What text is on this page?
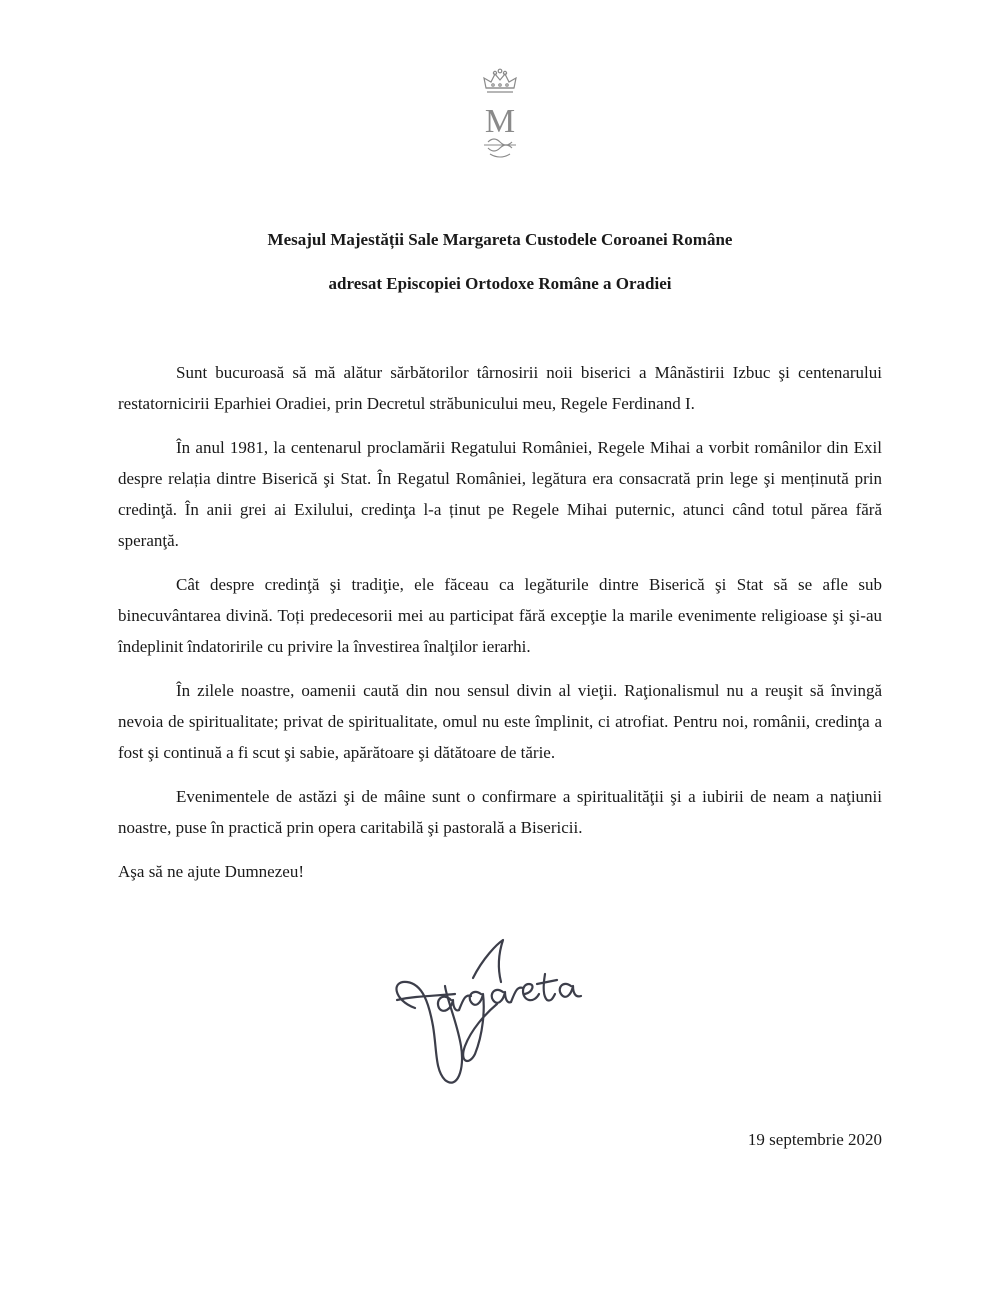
M

Mesajul Majestății Sale Margareta Custodele Coroanei Române

adresat Episcopiei Ortodoxe Române a Oradiei

Sunt bucuroasă să mă alătur sărbătorilor târnosirii noii biserici a Mânăstirii Izbuc şi centenarului restatornicirii Eparhiei Oradiei, prin Decretul străbunicului meu, Regele Ferdinand I.

În anul 1981, la centenarul proclamării Regatului României, Regele Mihai a vorbit românilor din Exil despre relația dintre Biserică şi Stat. În Regatul României, legătura era consacrată prin lege şi menținută prin credinţă. În anii grei ai Exilului, credinţa l-a ținut pe Regele Mihai puternic, atunci când totul părea fără speranţă.

Cât despre credinţă şi tradiţie, ele făceau ca legăturile dintre Biserică şi Stat să se afle sub binecuvântarea divină. Toți predecesorii mei au participat fără excepţie la marile evenimente religioase şi şi-au îndeplinit îndatoririle cu privire la învestirea înalţilor ierarhi.

În zilele noastre, oamenii caută din nou sensul divin al vieţii. Raţionalismul nu a reuşit să învingă nevoia de spiritualitate; privat de spiritualitate, omul nu este împlinit, ci atrofiat. Pentru noi, românii, credinţa a fost şi continuă a fi scut şi sabie, apărătoare şi dătătoare de tărie.

Evenimentele de astăzi şi de mâine sunt o confirmare a spiritualităţii şi a iubirii de neam a naţiunii noastre, puse în practică prin opera caritabilă şi pastorală a Bisericii.

Aşa să ne ajute Dumnezeu!

19 septembrie 2020
